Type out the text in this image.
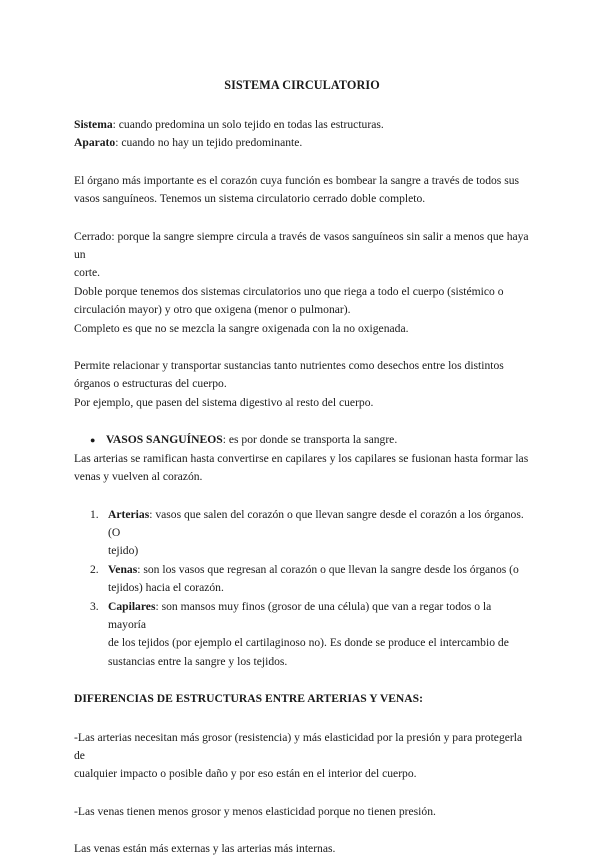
SISTEMA CIRCULATORIO

Sistema: cuando predomina un solo tejido en todas las estructuras.

Aparato: cuando no hay un tejido predominante.

El órgano más importante es el corazón cuya función es bombear la sangre a través de todos sus

vasos sanguíneos. Tenemos un sistema circulatorio cerrado doble completo.

Cerrado: porque la sangre siempre circula a través de vasos sanguíneos sin salir a menos que haya un

corte.

Doble porque tenemos dos sistemas circulatorios uno que riega a todo el cuerpo (sistémico o

circulación mayor) y otro que oxigena (menor o pulmonar).

Completo es que no se mezcla la sangre oxigenada con la no oxigenada.

Permite relacionar y transportar sustancias tanto nutrientes como desechos entre los distintos

órganos o estructuras del cuerpo.

Por ejemplo, que pasen del sistema digestivo al resto del cuerpo.

● VASOS SANGUÍNEOS: es por donde se transporta la sangre.

Las arterias se ramifican hasta convertirse en capilares y los capilares se fusionan hasta formar las

venas y vuelven al corazón.

1. Arterias: vasos que salen del corazón o que llevan sangre desde el corazón a los órganos. (O
tejido)
2. Venas: son los vasos que regresan al corazón o que llevan la sangre desde los órganos (o
tejidos) hacia el corazón.
3. Capilares: son mansos muy finos (grosor de una célula) que van a regar todos o la mayoría
de los tejidos (por ejemplo el cartilaginoso no). Es donde se produce el intercambio de
sustancias entre la sangre y los tejidos.
DIFERENCIAS DE ESTRUCTURAS ENTRE ARTERIAS Y VENAS:

-Las arterias necesitan más grosor (resistencia) y más elasticidad por la presión y para protegerla de

cualquier impacto o posible daño y por eso están en el interior del cuerpo.

-Las venas tienen menos grosor y menos elasticidad porque no tienen presión.

Las venas están más externas y las arterias más internas.
